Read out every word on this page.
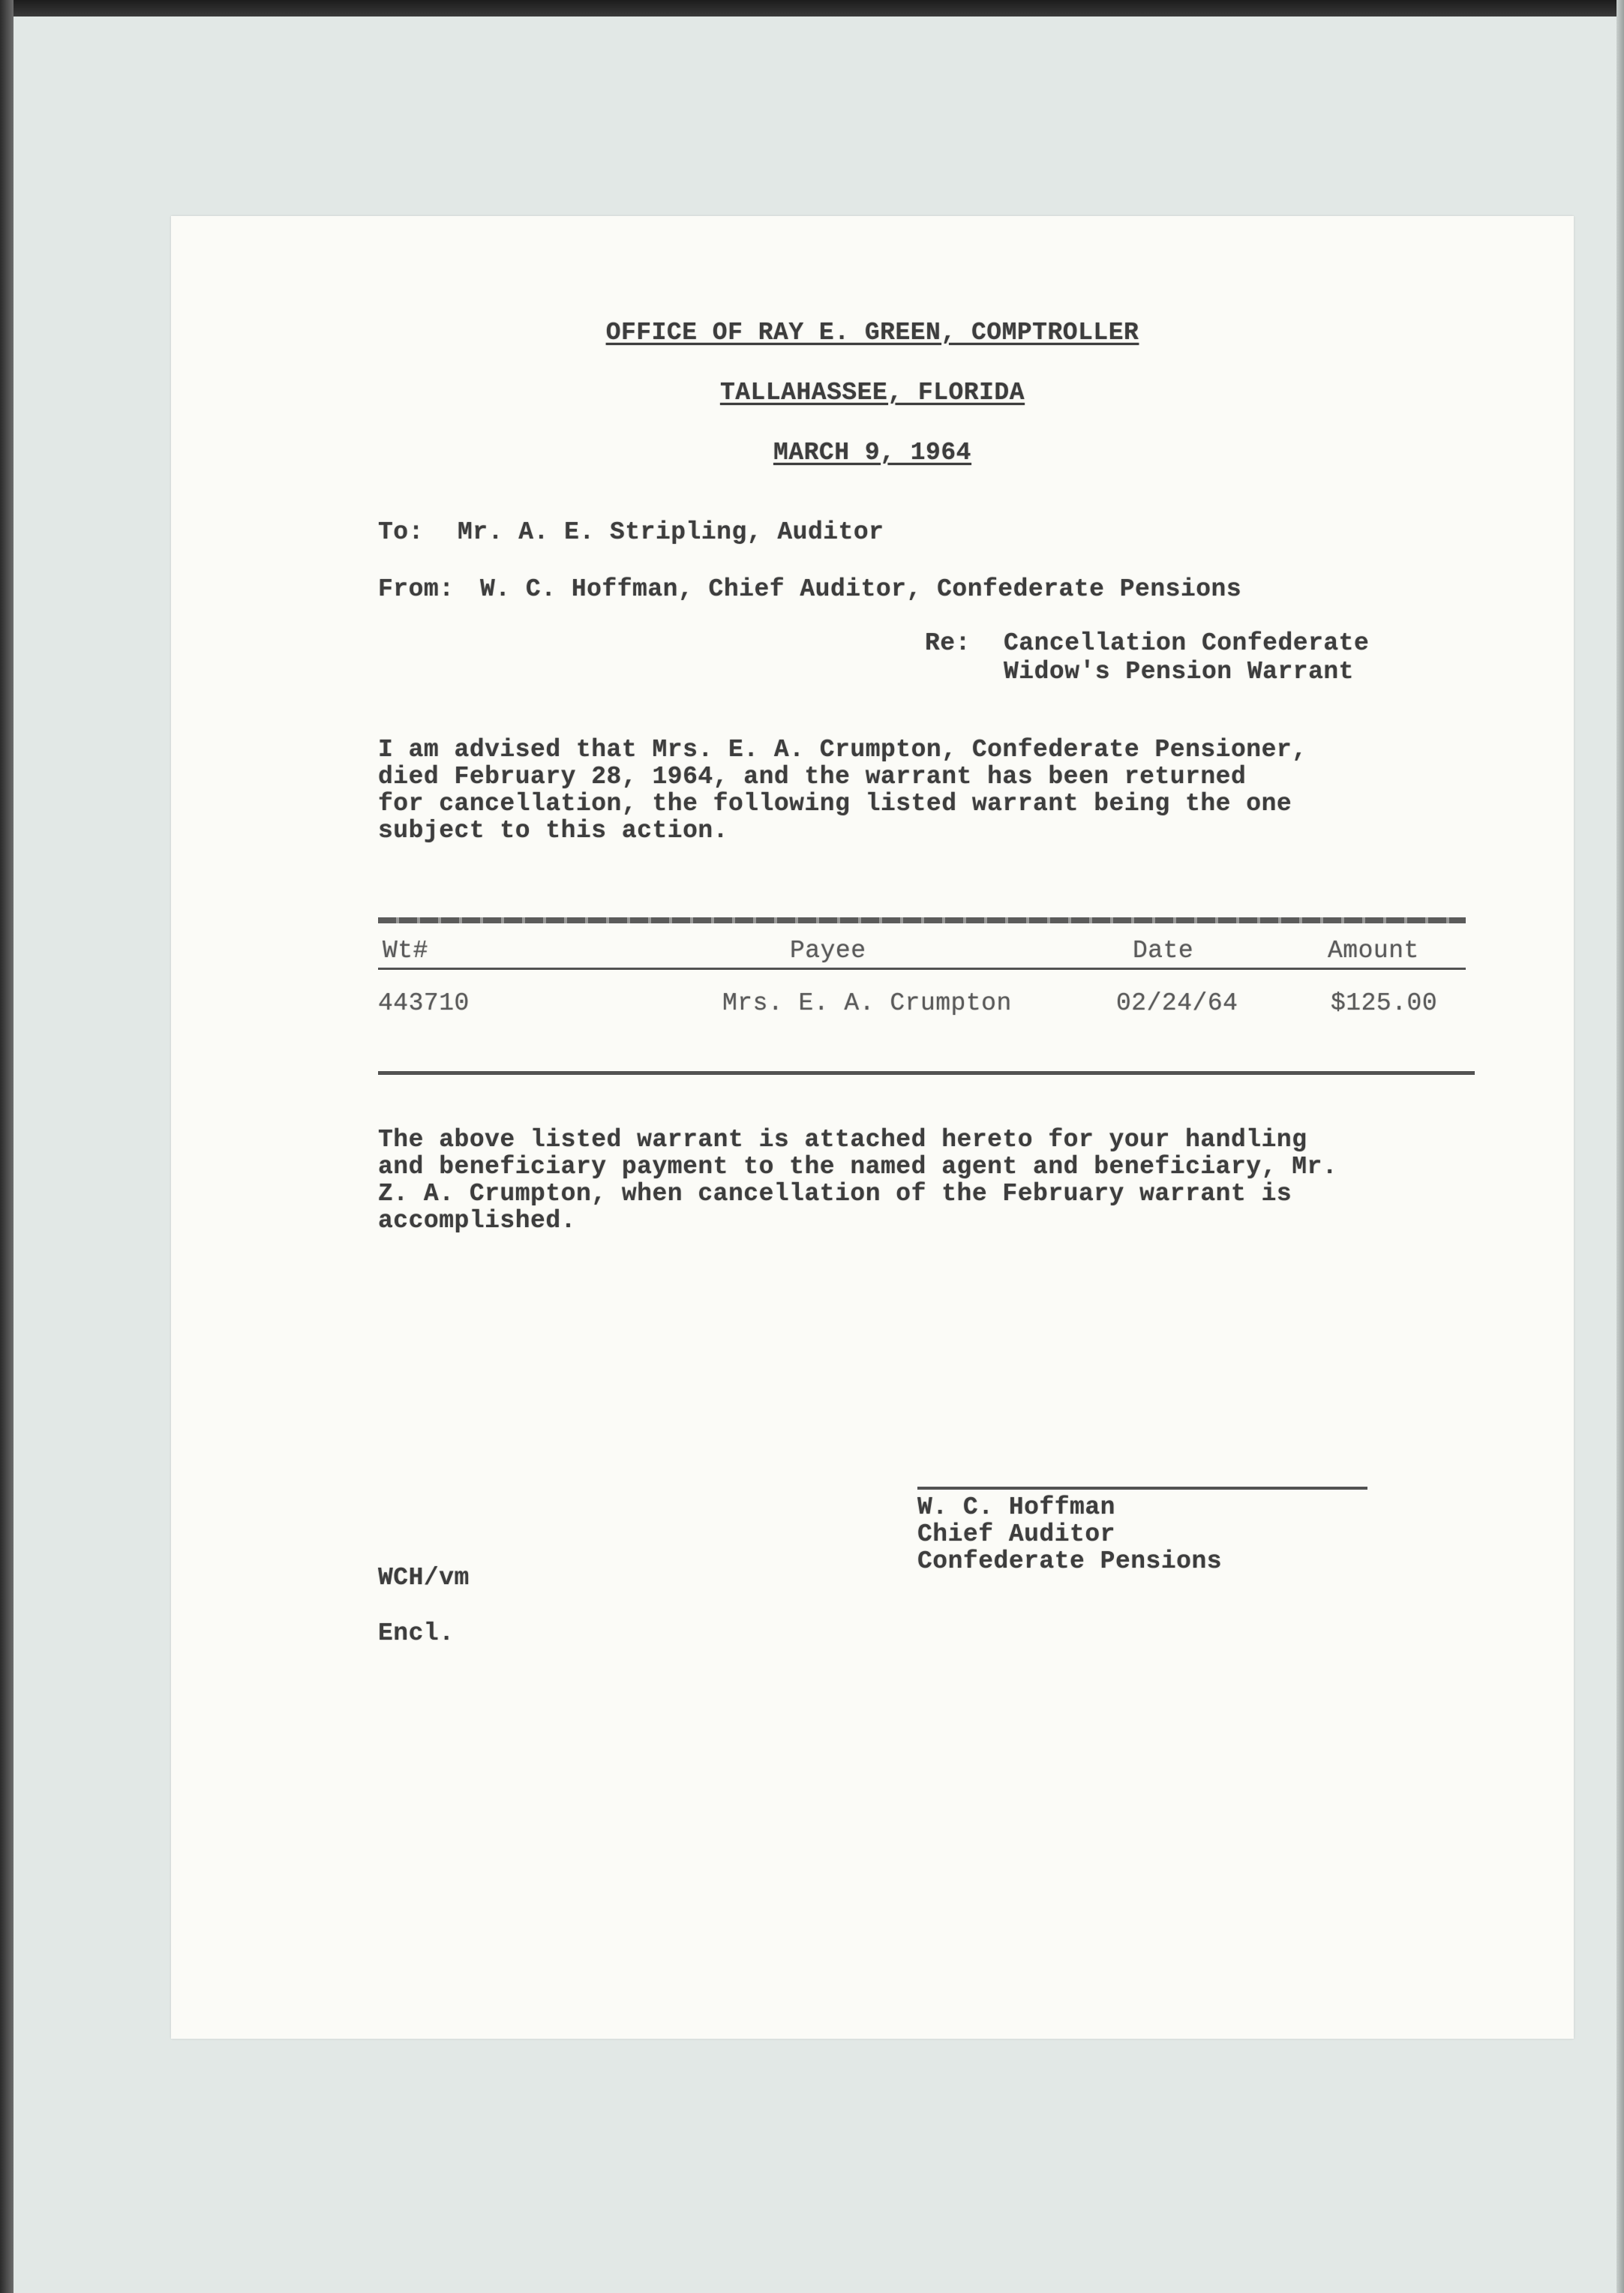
OFFICE OF RAY E. GREEN, COMPTROLLER
TALLAHASSEE, FLORIDA
MARCH 9, 1964
To: Mr. A. E. Stripling, Auditor
From: W. C. Hoffman, Chief Auditor, Confederate Pensions
Re: Cancellation Confederate
Widow's Pension Warrant
I am advised that Mrs. E. A. Crumpton, Confederate Pensioner,
died February 28, 1964, and the warrant has been returned
for cancellation, the following listed warrant being the one
subject to this action.
Wt#	Payee	Date	Amount
443710	Mrs. E. A. Crumpton	02/24/64	$125.00
The above listed warrant is attached hereto for your handling
and beneficiary payment to the named agent and beneficiary, Mr.
Z. A. Crumpton, when cancellation of the February warrant is
accomplished.
W. C. Hoffman
Chief Auditor
Confederate Pensions
WCH/vm
Encl.
